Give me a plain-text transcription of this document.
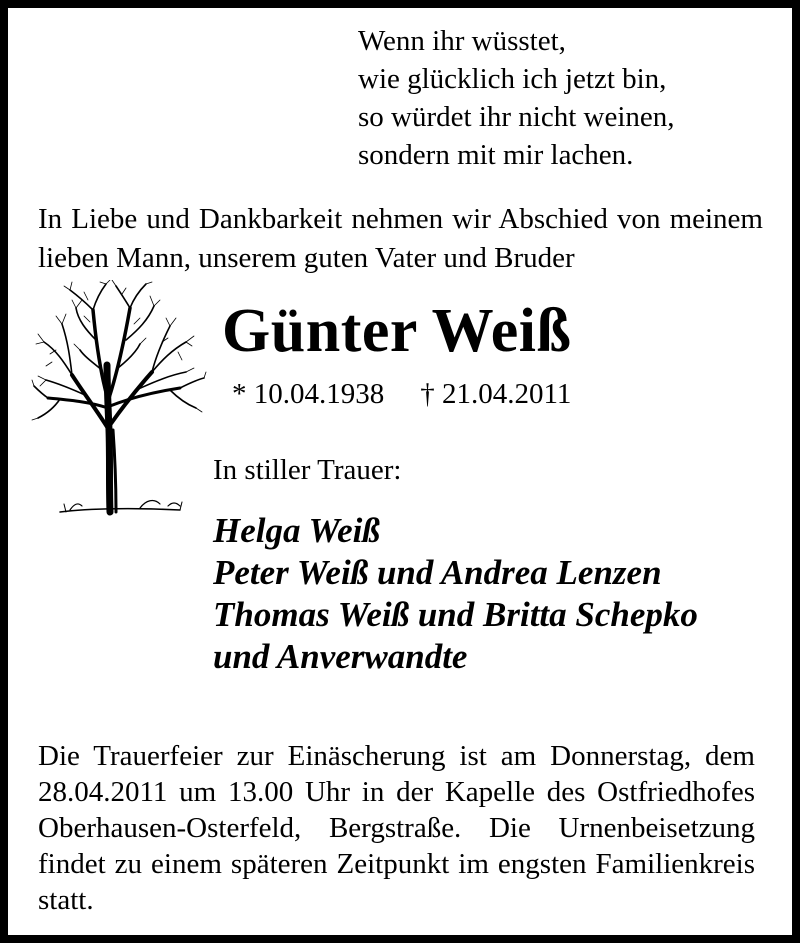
Wenn ihr wüsstet,
wie glücklich ich jetzt bin,
so würdet ihr nicht weinen,
sondern mit mir lachen.
In Liebe und Dankbarkeit nehmen wir Abschied von meinem lieben Mann, unserem guten Vater und Bruder
Günter Weiß
* 10.04.1938 † 21.04.2011
In stiller Trauer:
Helga Weiß
Peter Weiß und Andrea Lenzen
Thomas Weiß und Britta Schepko
und Anverwandte
Die Trauerfeier zur Einäscherung ist am Donnerstag, dem 28.04.2011 um 13.00 Uhr in der Kapelle des Ostfriedhofes Oberhausen-Osterfeld, Bergstraße. Die Urnenbeisetzung findet zu einem späteren Zeitpunkt im engsten Familienkreis statt.
